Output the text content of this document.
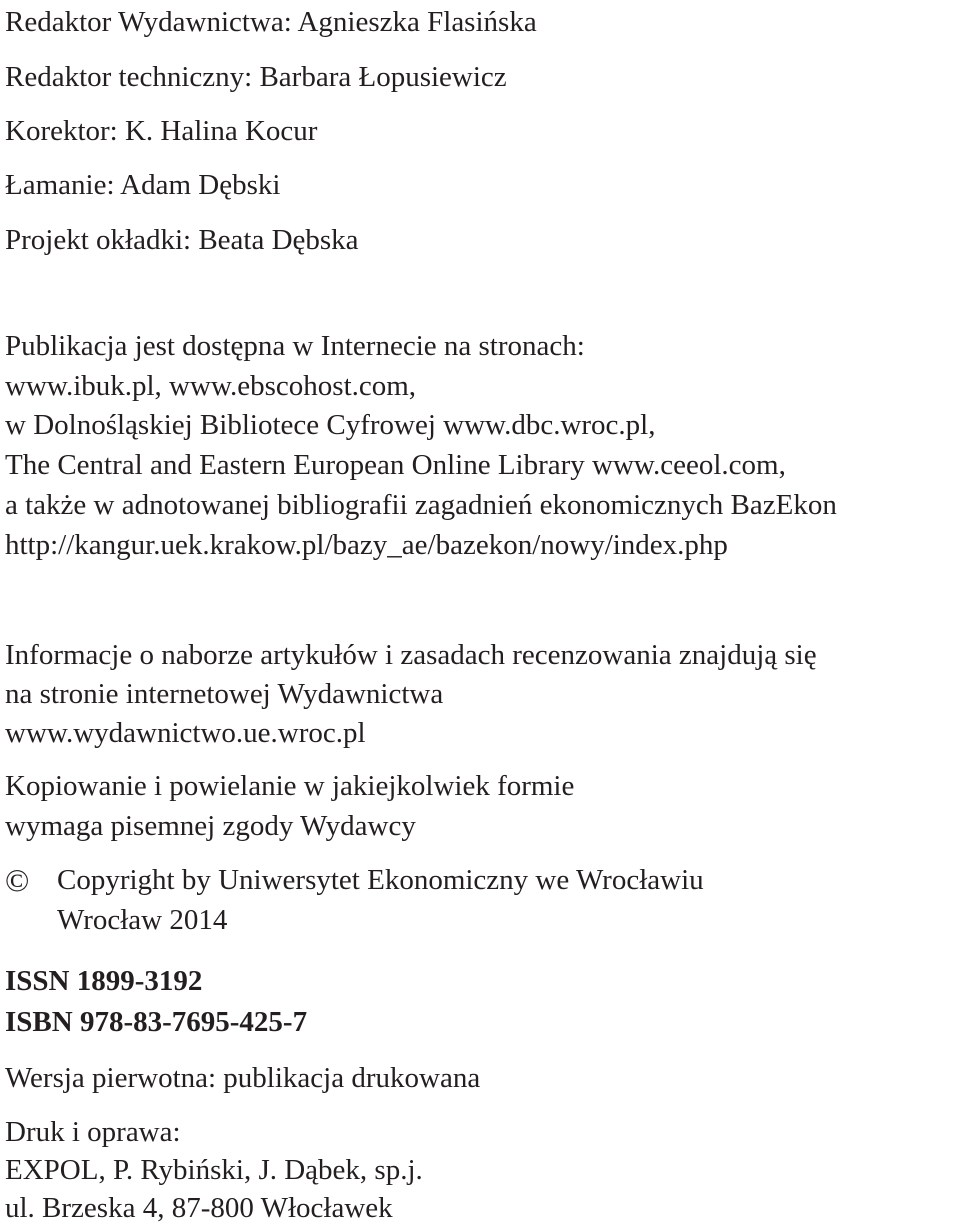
Redaktor Wydawnictwa: Agnieszka Flasińska
Redaktor techniczny: Barbara Łopusiewicz
Korektor: K. Halina Kocur
Łamanie: Adam Dębski
Projekt okładki: Beata Dębska
Publikacja jest dostępna w Internecie na stronach:
www.ibuk.pl, www.ebscohost.com,
w Dolnośląskiej Bibliotece Cyfrowej www.dbc.wroc.pl,
The Central and Eastern European Online Library www.ceeol.com,
a także w adnotowanej bibliografii zagadnień ekonomicznych BazEkon
http://kangur.uek.krakow.pl/bazy_ae/bazekon/nowy/index.php
Informacje o naborze artykułów i zasadach recenzowania znajdują się
na stronie internetowej Wydawnictwa
www.wydawnictwo.ue.wroc.pl
Kopiowanie i powielanie w jakiejkolwiek formie
wymaga pisemnej zgody Wydawcy
© Copyright by Uniwersytet Ekonomiczny we Wrocławiu
Wrocław 2014
ISSN 1899-3192
ISBN 978-83-7695-425-7
Wersja pierwotna: publikacja drukowana
Druk i oprawa:
EXPOL, P. Rybiński, J. Dąbek, sp.j.
ul. Brzeska 4, 87-800 Włocławek
